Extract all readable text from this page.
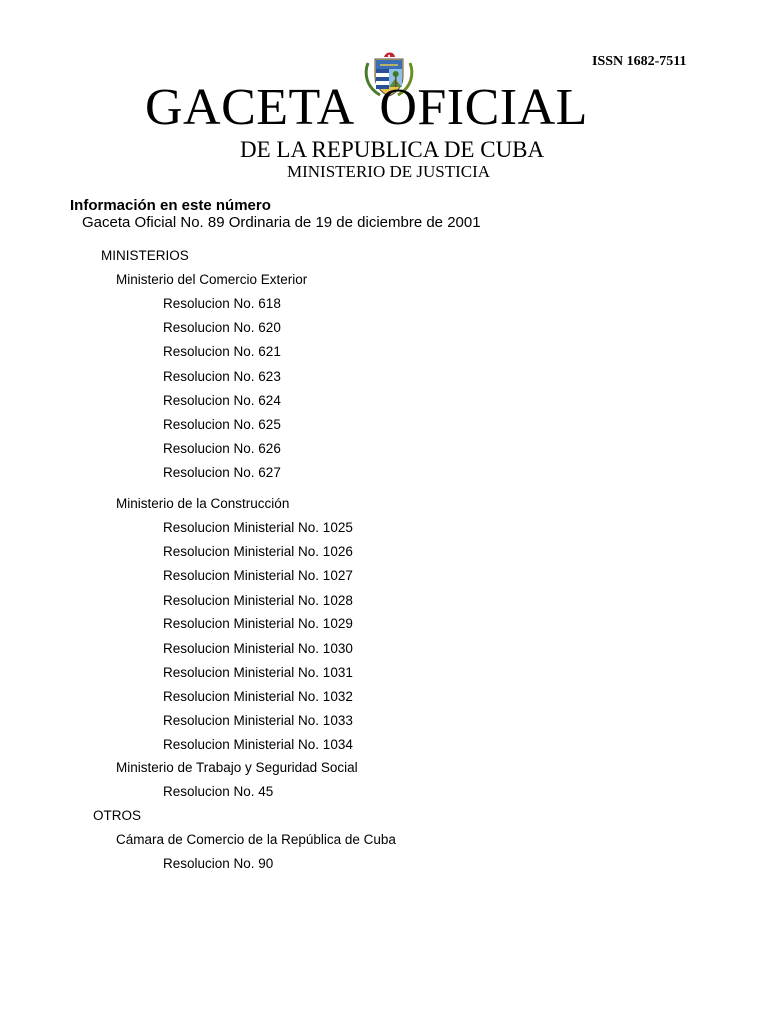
ISSN 1682-7511
GACETA OFICIAL
DE LA REPUBLICA DE CUBA
MINISTERIO DE JUSTICIA
Información en este número
Gaceta Oficial No. 89 Ordinaria de 19 de diciembre de 2001
MINISTERIOS
Ministerio del Comercio Exterior
Resolucion No. 618
Resolucion No. 620
Resolucion No. 621
Resolucion No. 623
Resolucion No. 624
Resolucion No. 625
Resolucion No. 626
Resolucion No. 627
Ministerio de la Construcción
Resolucion Ministerial No. 1025
Resolucion Ministerial No. 1026
Resolucion Ministerial No. 1027
Resolucion Ministerial No. 1028
Resolucion Ministerial No. 1029
Resolucion Ministerial No. 1030
Resolucion Ministerial No. 1031
Resolucion Ministerial No. 1032
Resolucion Ministerial No. 1033
Resolucion Ministerial No. 1034
Ministerio de Trabajo y Seguridad Social
Resolucion No. 45
OTROS
Cámara de Comercio de la República de Cuba
Resolucion No. 90
